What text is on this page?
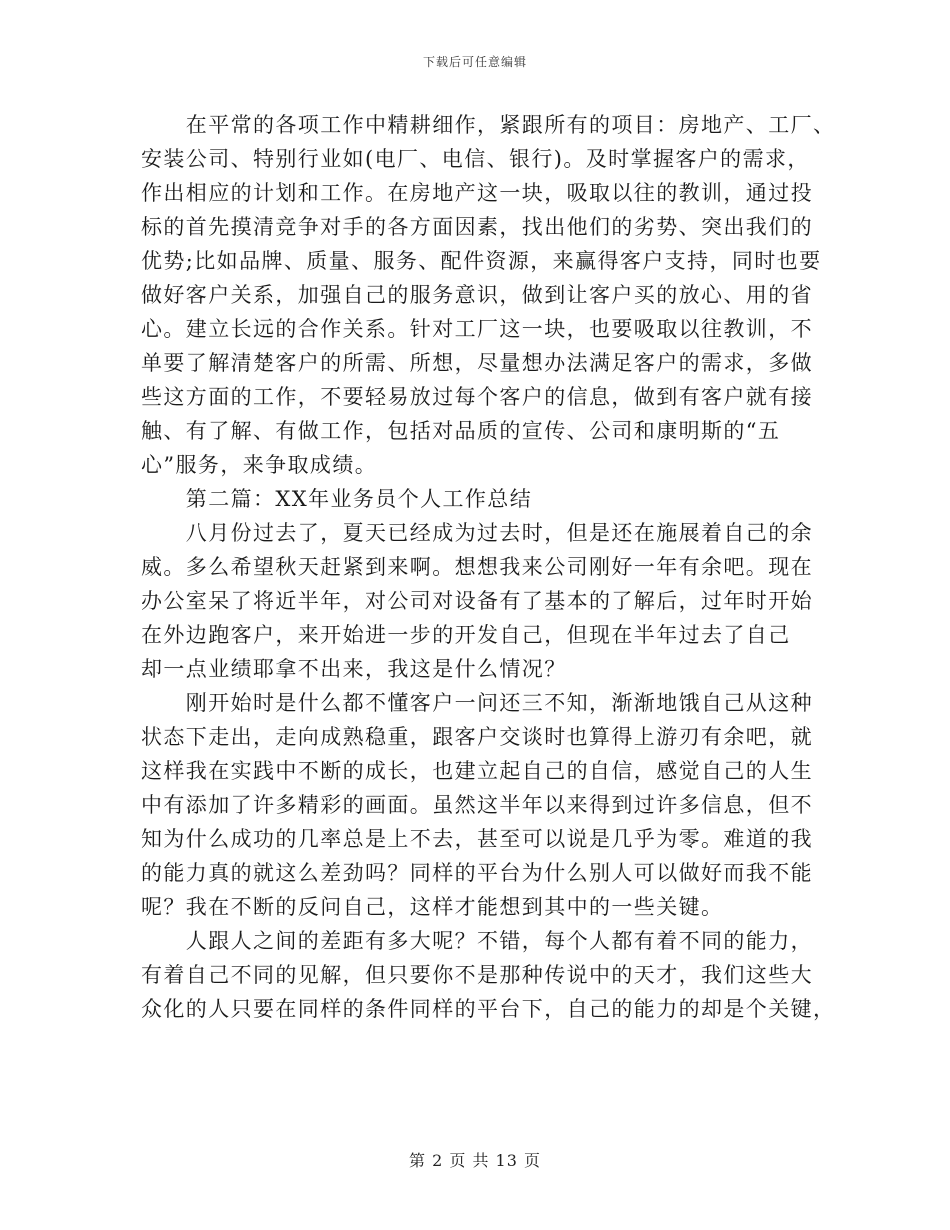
下载后可任意编辑
　　在平常的各项工作中精耕细作，紧跟所有的项目：房地产、工厂、
安装公司、特别行业如(电厂、电信、银行)。及时掌握客户的需求，
作出相应的计划和工作。在房地产这一块，吸取以往的教训，通过投
标的首先摸清竞争对手的各方面因素，找出他们的劣势、突出我们的
优势;比如品牌、质量、服务、配件资源，来赢得客户支持，同时也要
做好客户关系，加强自己的服务意识，做到让客户买的放心、用的省
心。建立长远的合作关系。针对工厂这一块，也要吸取以往教训，不
单要了解清楚客户的所需、所想，尽量想办法满足客户的需求，多做
些这方面的工作，不要轻易放过每个客户的信息，做到有客户就有接
触、有了解、有做工作，包括对品质的宣传、公司和康明斯的“五
心”服务，来争取成绩。
　　第二篇：XX年业务员个人工作总结
　　八月份过去了，夏天已经成为过去时，但是还在施展着自己的余
威。多么希望秋天赶紧到来啊。想想我来公司刚好一年有余吧。现在
办公室呆了将近半年，对公司对设备有了基本的了解后，过年时开始
在外边跑客户，来开始进一步的开发自己，但现在半年过去了自己
却一点业绩耶拿不出来，我这是什么情况？
　　刚开始时是什么都不懂客户一问还三不知，渐渐地饿自己从这种
状态下走出，走向成熟稳重，跟客户交谈时也算得上游刃有余吧，就
这样我在实践中不断的成长，也建立起自己的自信，感觉自己的人生
中有添加了许多精彩的画面。虽然这半年以来得到过许多信息，但不
知为什么成功的几率总是上不去，甚至可以说是几乎为零。难道的我
的能力真的就这么差劲吗？同样的平台为什么别人可以做好而我不能
呢？我在不断的反问自己，这样才能想到其中的一些关键。
　　人跟人之间的差距有多大呢？不错，每个人都有着不同的能力，
有着自己不同的见解，但只要你不是那种传说中的天才，我们这些大
众化的人只要在同样的条件同样的平台下，自己的能力的却是个关键，
第 2 页 共 13 页
